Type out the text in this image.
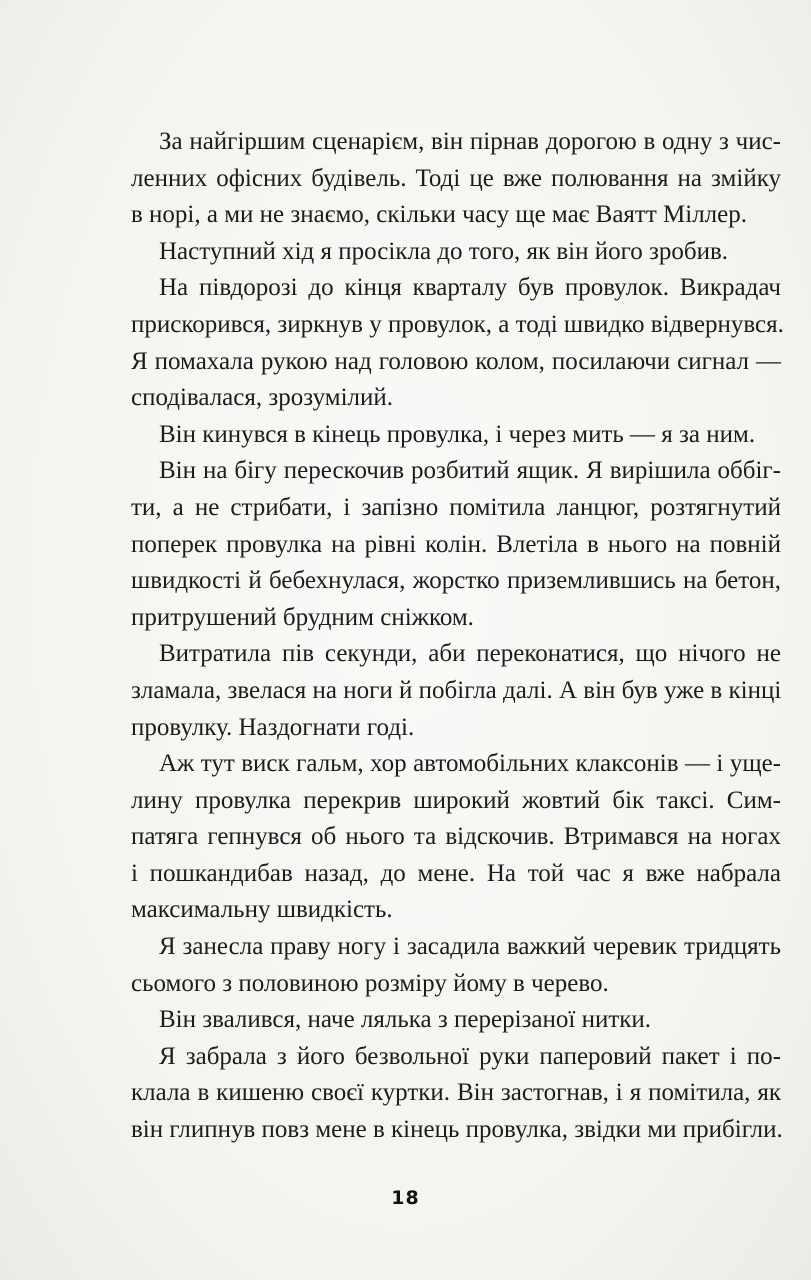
За найгіршим сценарієм, він пірнав дорогою в одну з чис-
ленних офісних будівель. Тоді це вже полювання на змійку
в норі, а ми не знаємо, скільки часу ще має Ваятт Міллер.
Наступний хід я просікла до того, як він його зробив.
На півдорозі до кінця кварталу був провулок. Викрадач
прискорився, зиркнув у провулок, а тоді швидко відвернувся.
Я помахала рукою над головою колом, посилаючи сигнал —
сподівалася, зрозумілий.
Він кинувся в кінець провулка, і через мить — я за ним.
Він на бігу перескочив розбитий ящик. Я вирішила оббіг-
ти, а не стрибати, і запізно помітила ланцюг, розтягнутий
поперек провулка на рівні колін. Влетіла в нього на повній
швидкості й бебехнулася, жорстко приземлившись на бетон,
притрушений брудним сніжком.
Витратила пів секунди, аби переконатися, що нічого не
зламала, звелася на ноги й побігла далі. А він був уже в кінці
провулку. Наздогнати годі.
Аж тут виск гальм, хор автомобільних клаксонів — і уще-
лину провулка перекрив широкий жовтий бік таксі. Сим-
патяга гепнувся об нього та відскочив. Втримався на ногах
і пошкандибав назад, до мене. На той час я вже набрала
максимальну швидкість.
Я занесла праву ногу і засадила важкий черевик тридцять
сьомого з половиною розміру йому в черево.
Він звалився, наче лялька з перерізаної нитки.
Я забрала з його безвольної руки паперовий пакет і по-
клала в кишеню своєї куртки. Він застогнав, і я помітила, як
він глипнув повз мене в кінець провулка, звідки ми прибігли.
18
